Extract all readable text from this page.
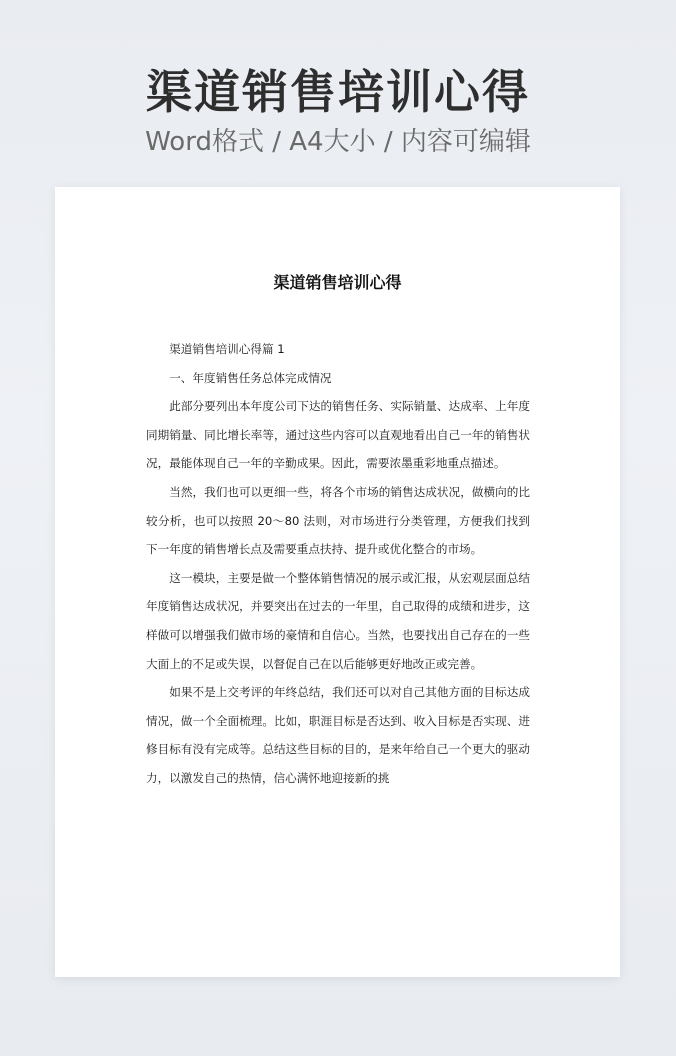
渠道销售培训心得
Word格式 / A4大小 / 内容可编辑
渠道销售培训心得

渠道销售培训心得篇 1

一、年度销售任务总体完成情况

此部分要列出本年度公司下达的销售任务、实际销量、达成率、上年度同期销量、同比增长率等，通过这些内容可以直观地看出自己一年的销售状况，最能体现自己一年的辛勤成果。因此，需要浓墨重彩地重点描述。

当然，我们也可以更细一些，将各个市场的销售达成状况，做横向的比较分析，也可以按照 20～80 法则，对市场进行分类管理，方便我们找到下一年度的销售增长点及需要重点扶持、提升或优化整合的市场。

这一模块，主要是做一个整体销售情况的展示或汇报，从宏观层面总结年度销售达成状况，并要突出在过去的一年里，自己取得的成绩和进步，这样做可以增强我们做市场的豪情和自信心。当然，也要找出自己存在的一些大面上的不足或失误，以督促自己在以后能够更好地改正或完善。

如果不是上交考评的年终总结，我们还可以对自己其他方面的目标达成情况，做一个全面梳理。比如，职涯目标是否达到、收入目标是否实现、进修目标有没有完成等。总结这些目标的目的，是来年给自己一个更大的驱动力，以激发自己的热情，信心满怀地迎接新的挑
